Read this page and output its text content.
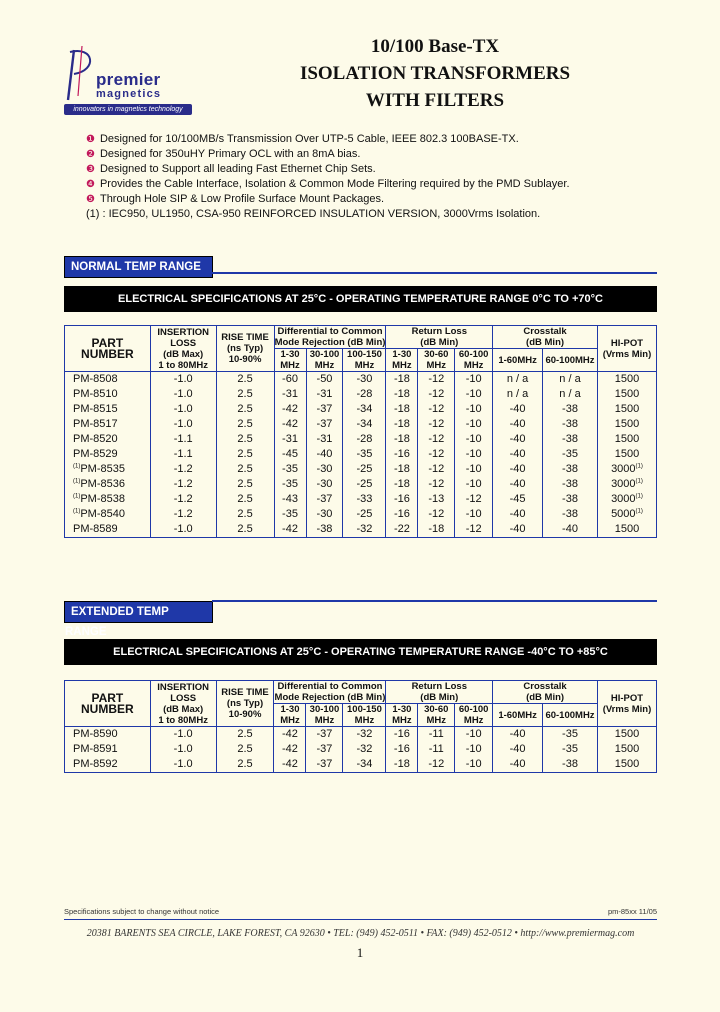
premier
magnetics
innovators in magnetics technology
10/100 Base-TX
ISOLATION TRANSFORMERS
WITH FILTERS
❶ Designed for 10/100MB/s Transmission Over UTP-5 Cable, IEEE 802.3 100BASE-TX.
❷ Designed for 350uHY Primary OCL with an 8mA bias.
❸ Designed to Support all leading Fast Ethernet Chip Sets.
❹ Provides the Cable Interface, Isolation & Common Mode Filtering required by the PMD Sublayer.
❺ Through Hole SIP & Low Profile Surface Mount Packages.
(1) : IEC950, UL1950, CSA-950 REINFORCED INSULATION VERSION, 3000Vrms Isolation.
NORMAL TEMP RANGE
ELECTRICAL SPECIFICATIONS AT 25°C - OPERATING TEMPERATURE RANGE 0°C TO +70°C
PART
NUMBER	INSERTION
LOSS
(dB Max)
1 to 80MHz	RISE TIME
(ns Typ)
10-90%	Differential to Common
Mode Rejection (dB Min)			Return Loss
(dB Min)			Crosstalk
(dB Min)		HI-POT
(Vrms Min)
			1-30
MHz	30-100
MHz	100-150
MHz	1-30
MHz	30-60
MHz	60-100
MHz	1-60MHz	60-100MHz	
PM-8508	-1.0	2.5	-60	-50	-30	-18	-12	-10	n / a	n / a	1500
PM-8510	-1.0	2.5	-31	-31	-28	-18	-12	-10	n / a	n / a	1500
PM-8515	-1.0	2.5	-42	-37	-34	-18	-12	-10	-40	-38	1500
PM-8517	-1.0	2.5	-42	-37	-34	-18	-12	-10	-40	-38	1500
PM-8520	-1.1	2.5	-31	-31	-28	-18	-12	-10	-40	-38	1500
PM-8529	-1.1	2.5	-45	-40	-35	-16	-12	-10	-40	-35	1500
$^{(1)}$PM-8535	-1.2	2.5	-35	-30	-25	-18	-12	-10	-40	-38	3000$^{(1)}$
$^{(1)}$PM-8536	-1.2	2.5	-35	-30	-25	-18	-12	-10	-40	-38	3000$^{(1)}$
$^{(1)}$PM-8538	-1.2	2.5	-43	-37	-33	-16	-13	-12	-45	-38	3000$^{(1)}$
$^{(1)}$PM-8540	-1.2	2.5	-35	-30	-25	-16	-12	-10	-40	-38	5000$^{(1)}$
PM-8589	-1.0	2.5	-42	-38	-32	-22	-18	-12	-40	-40	1500
EXTENDED TEMP RANGE
ELECTRICAL SPECIFICATIONS AT 25°C - OPERATING TEMPERATURE RANGE -40°C TO +85°C
PART
NUMBER	INSERTION
LOSS
(dB Max)
1 to 80MHz	RISE TIME
(ns Typ)
10-90%	Differential to Common
Mode Rejection (dB Min)			Return Loss
(dB Min)			Crosstalk
(dB Min)		HI-POT
(Vrms Min)
			1-30
MHz	30-100
MHz	100-150
MHz	1-30
MHz	30-60
MHz	60-100
MHz	1-60MHz	60-100MHz	
PM-8590	-1.0	2.5	-42	-37	-32	-16	-11	-10	-40	-35	1500
PM-8591	-1.0	2.5	-42	-37	-32	-16	-11	-10	-40	-35	1500
PM-8592	-1.0	2.5	-42	-37	-34	-18	-12	-10	-40	-38	1500
Specifications subject to change without notice	pm-85xx 11/05
20381 BARENTS SEA CIRCLE, LAKE FOREST, CA 92630 • TEL: (949) 452-0511 • FAX: (949) 452-0512 • http://www.premiermag.com
1
